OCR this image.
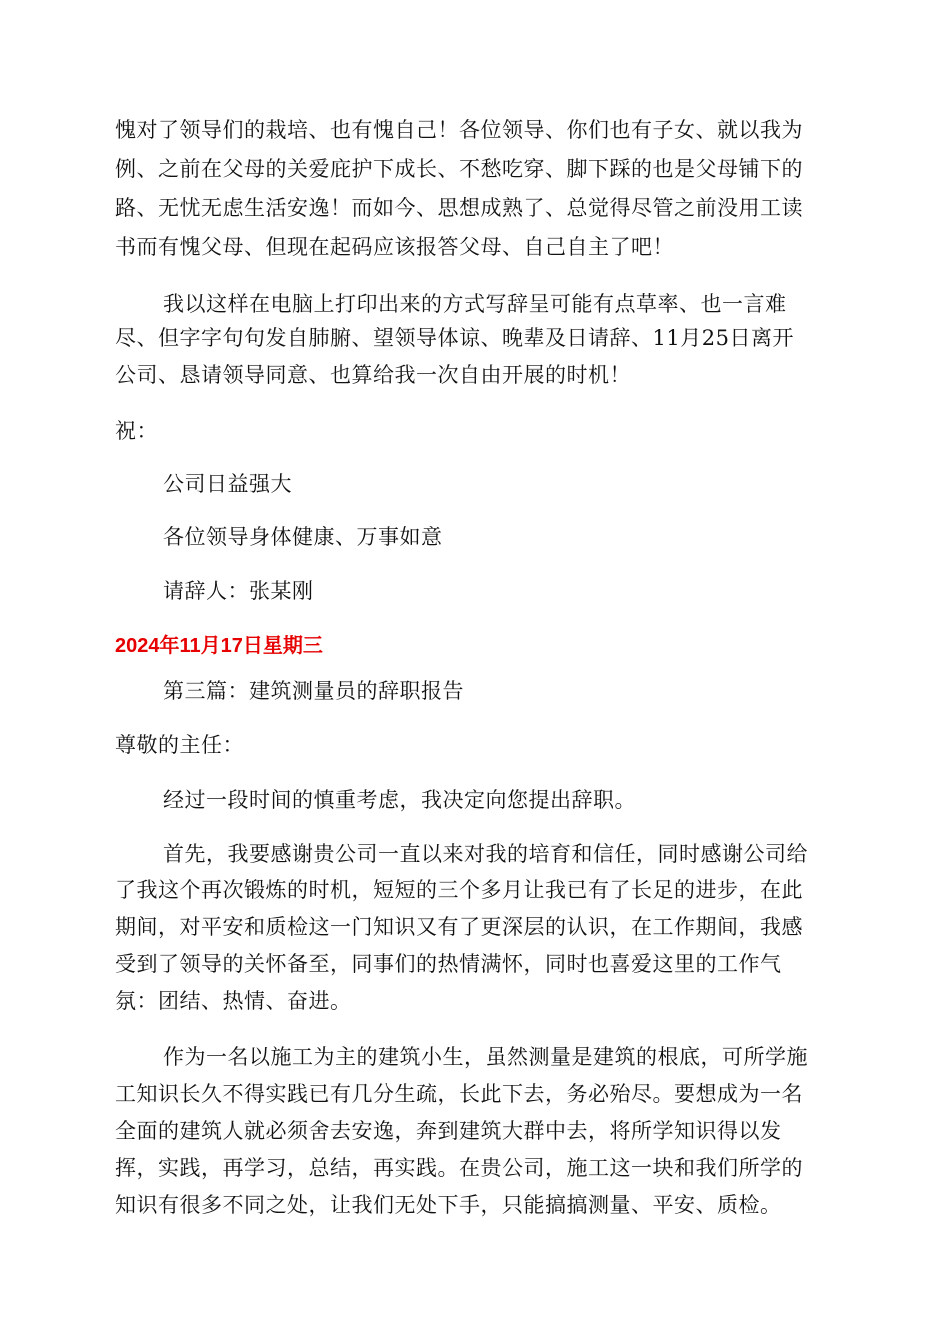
愧对了领导们的栽培、也有愧自己！各位领导、你们也有子女、就以我为
例、之前在父母的关爱庇护下成长、不愁吃穿、脚下踩的也是父母铺下的
路、无忧无虑生活安逸！而如今、思想成熟了、总觉得尽管之前没用工读
书而有愧父母、但现在起码应该报答父母、自己自主了吧！
我以这样在电脑上打印出来的方式写辞呈可能有点草率、也一言难
尽、但字字句句发自肺腑、望领导体谅、晚辈及日请辞、11月25日离开
公司、恳请领导同意、也算给我一次自由开展的时机！
祝：
公司日益强大
各位领导身体健康、万事如意
请辞人：张某刚
2024年11月17日星期三
第三篇：建筑测量员的辞职报告
尊敬的主任：
经过一段时间的慎重考虑，我决定向您提出辞职。
首先，我要感谢贵公司一直以来对我的培育和信任，同时感谢公司给
了我这个再次锻炼的时机，短短的三个多月让我已有了长足的进步，在此
期间，对平安和质检这一门知识又有了更深层的认识，在工作期间，我感
受到了领导的关怀备至，同事们的热情满怀，同时也喜爱这里的工作气
氛：团结、热情、奋进。
作为一名以施工为主的建筑小生，虽然测量是建筑的根底，可所学施
工知识长久不得实践已有几分生疏，长此下去，务必殆尽。要想成为一名
全面的建筑人就必须舍去安逸，奔到建筑大群中去，将所学知识得以发
挥，实践，再学习，总结，再实践。在贵公司，施工这一块和我们所学的
知识有很多不同之处，让我们无处下手，只能搞搞测量、平安、质检。
